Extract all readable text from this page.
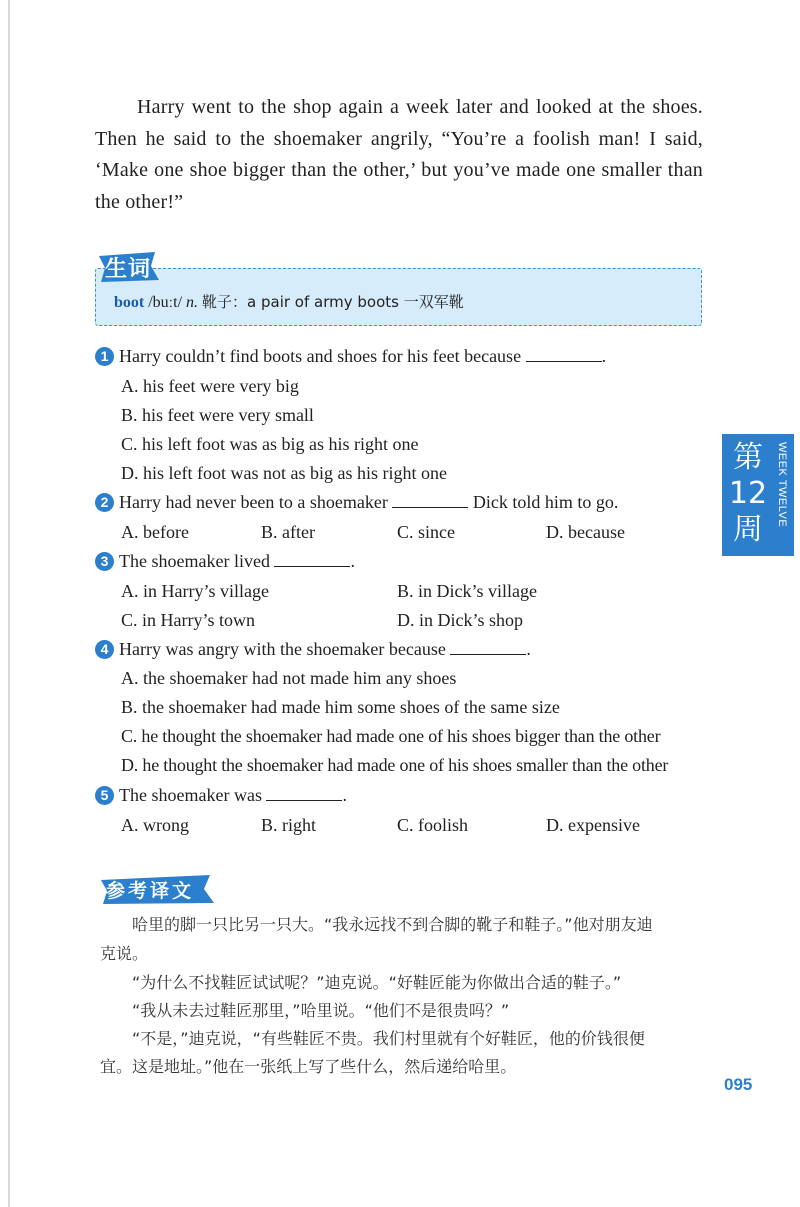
Harry went to the shop again a week later and looked at the shoes. Then he said to the shoemaker angrily, “You’re a foolish man! I said, ‘Make one shoe bigger than the other,’ but you’ve made one smaller than the other!”

boot /buːt/ n. 靴子：a pair of army boots 一双军靴
生词
1 Harry couldn’t find boots and shoes for his feet because	.
A. his feet were very big
B. his feet were very small
C. his left foot was as big as his right one
D. his left foot was not as big as his right one
2 Harry had never been to a shoemaker	Dick told him to go.
A. before	B. after	C. since	D. because
3 The shoemaker lived	.
A. in Harry’s village	B. in Dick’s village
C. in Harry’s town	D. in Dick’s shop
4 Harry was angry with the shoemaker because	.
A. the shoemaker had not made him any shoes
B. the shoemaker had made him some shoes of the same size
C. he thought the shoemaker had made one of his shoes bigger than the other
D. he thought the shoemaker had made one of his shoes smaller than the other
5 The shoemaker was	.
A. wrong	B. right	C. foolish	D. expensive
第12周
WEEK TWELVE
参考译文
哈里的脚一只比另一只大。“我永远找不到合脚的靴子和鞋子。”他对朋友迪
克说。
“为什么不找鞋匠试试呢？”迪克说。“好鞋匠能为你做出合适的鞋子。”
“我从未去过鞋匠那里，”哈里说。“他们不是很贵吗？”
“不是，”迪克说，“有些鞋匠不贵。我们村里就有个好鞋匠，他的价钱很便
宜。这是地址。”他在一张纸上写了些什么，然后递给哈里。
095
